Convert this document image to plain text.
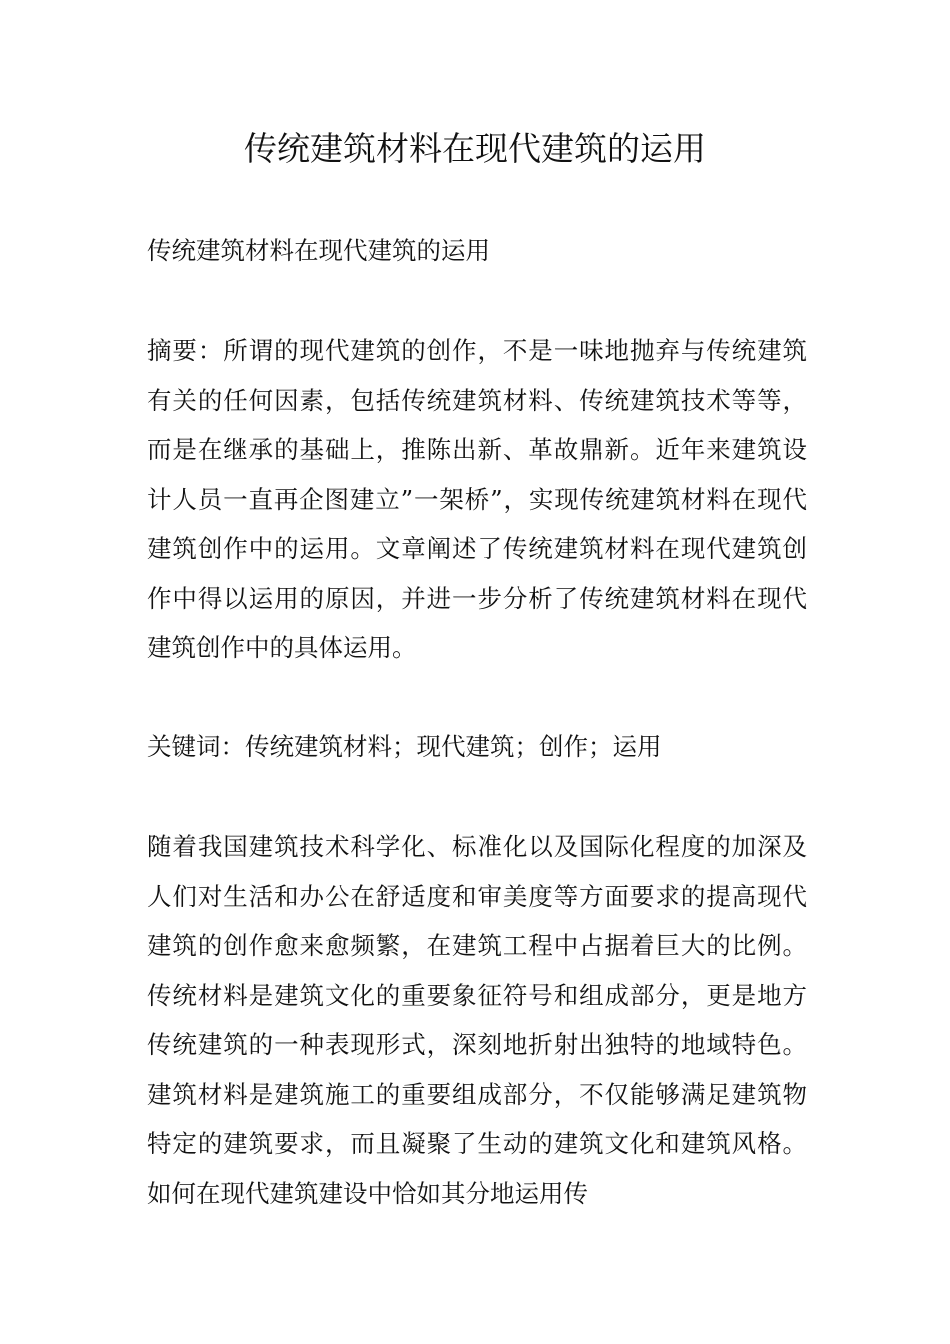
传统建筑材料在现代建筑的运用

传统建筑材料在现代建筑的运用

摘要：所谓的现代建筑的创作，不是一味地抛弃与传统建筑有关的任何因素，包括传统建筑材料、传统建筑技术等等，而是在继承的基础上，推陈出新、革故鼎新。近年来建筑设计人员一直再企图建立”一架桥”，实现传统建筑材料在现代建筑创作中的运用。文章阐述了传统建筑材料在现代建筑创作中得以运用的原因，并进一步分析了传统建筑材料在现代建筑创作中的具体运用。

关键词：传统建筑材料；现代建筑；创作；运用

随着我国建筑技术科学化、标准化以及国际化程度的加深及人们对生活和办公在舒适度和审美度等方面要求的提高现代建筑的创作愈来愈频繁，在建筑工程中占据着巨大的比例。传统材料是建筑文化的重要象征符号和组成部分，更是地方传统建筑的一种表现形式，深刻地折射出独特的地域特色。建筑材料是建筑施工的重要组成部分，不仅能够满足建筑物特定的建筑要求，而且凝聚了生动的建筑文化和建筑风格。如何在现代建筑建设中恰如其分地运用传
